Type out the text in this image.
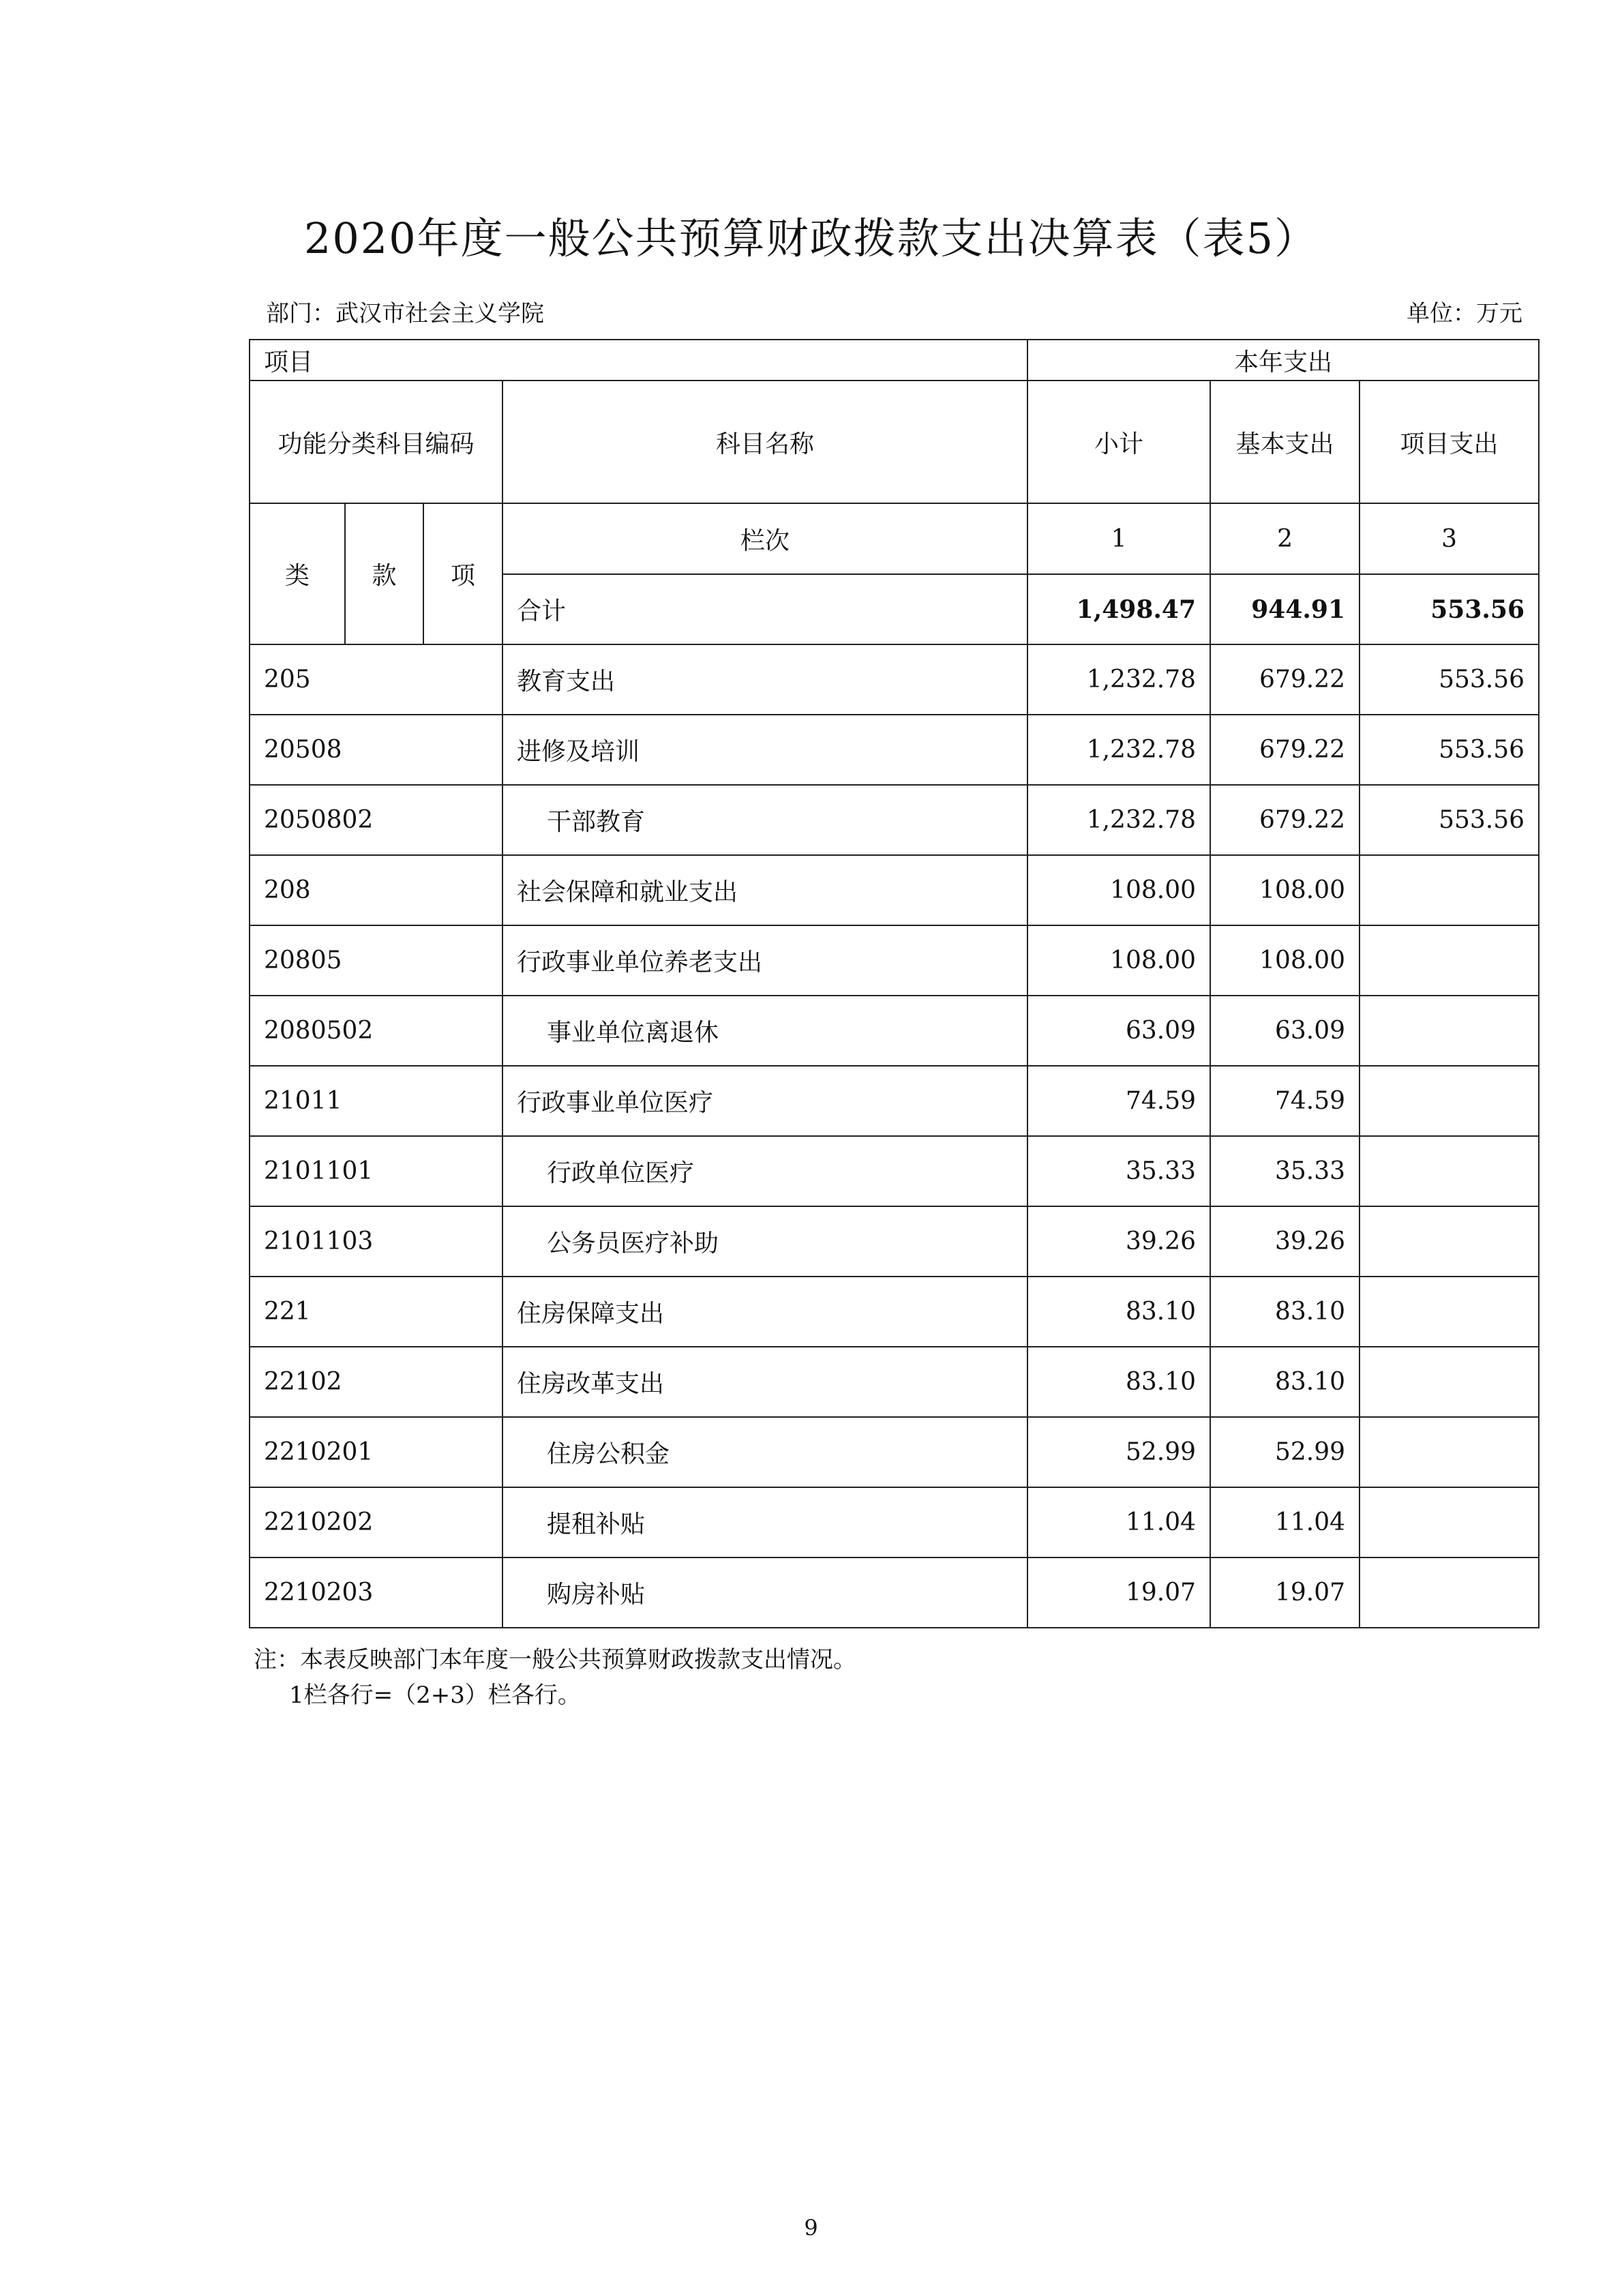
2020年度一般公共预算财政拨款支出决算表（表5）
部门：武汉市社会主义学院	单位：万元
项目				本年支出		
功能分类科目编码			科目名称	小计	基本支出	项目支出
类	款	项	栏次	1	2	3
			合计	1,498.47	944.91	553.56
205			教育支出	1,232.78	679.22	553.56
20508			进修及培训	1,232.78	679.22	553.56
2050802			干部教育	1,232.78	679.22	553.56
208			社会保障和就业支出	108.00	108.00	
20805			行政事业单位养老支出	108.00	108.00	
2080502			事业单位离退休	63.09	63.09	
21011			行政事业单位医疗	74.59	74.59	
2101101			行政单位医疗	35.33	35.33	
2101103			公务员医疗补助	39.26	39.26	
221			住房保障支出	83.10	83.10	
22102			住房改革支出	83.10	83.10	
2210201			住房公积金	52.99	52.99	
2210202			提租补贴	11.04	11.04	
2210203			购房补贴	19.07	19.07	
注：本表反映部门本年度一般公共预算财政拨款支出情况。
1栏各行=（2+3）栏各行。
9
